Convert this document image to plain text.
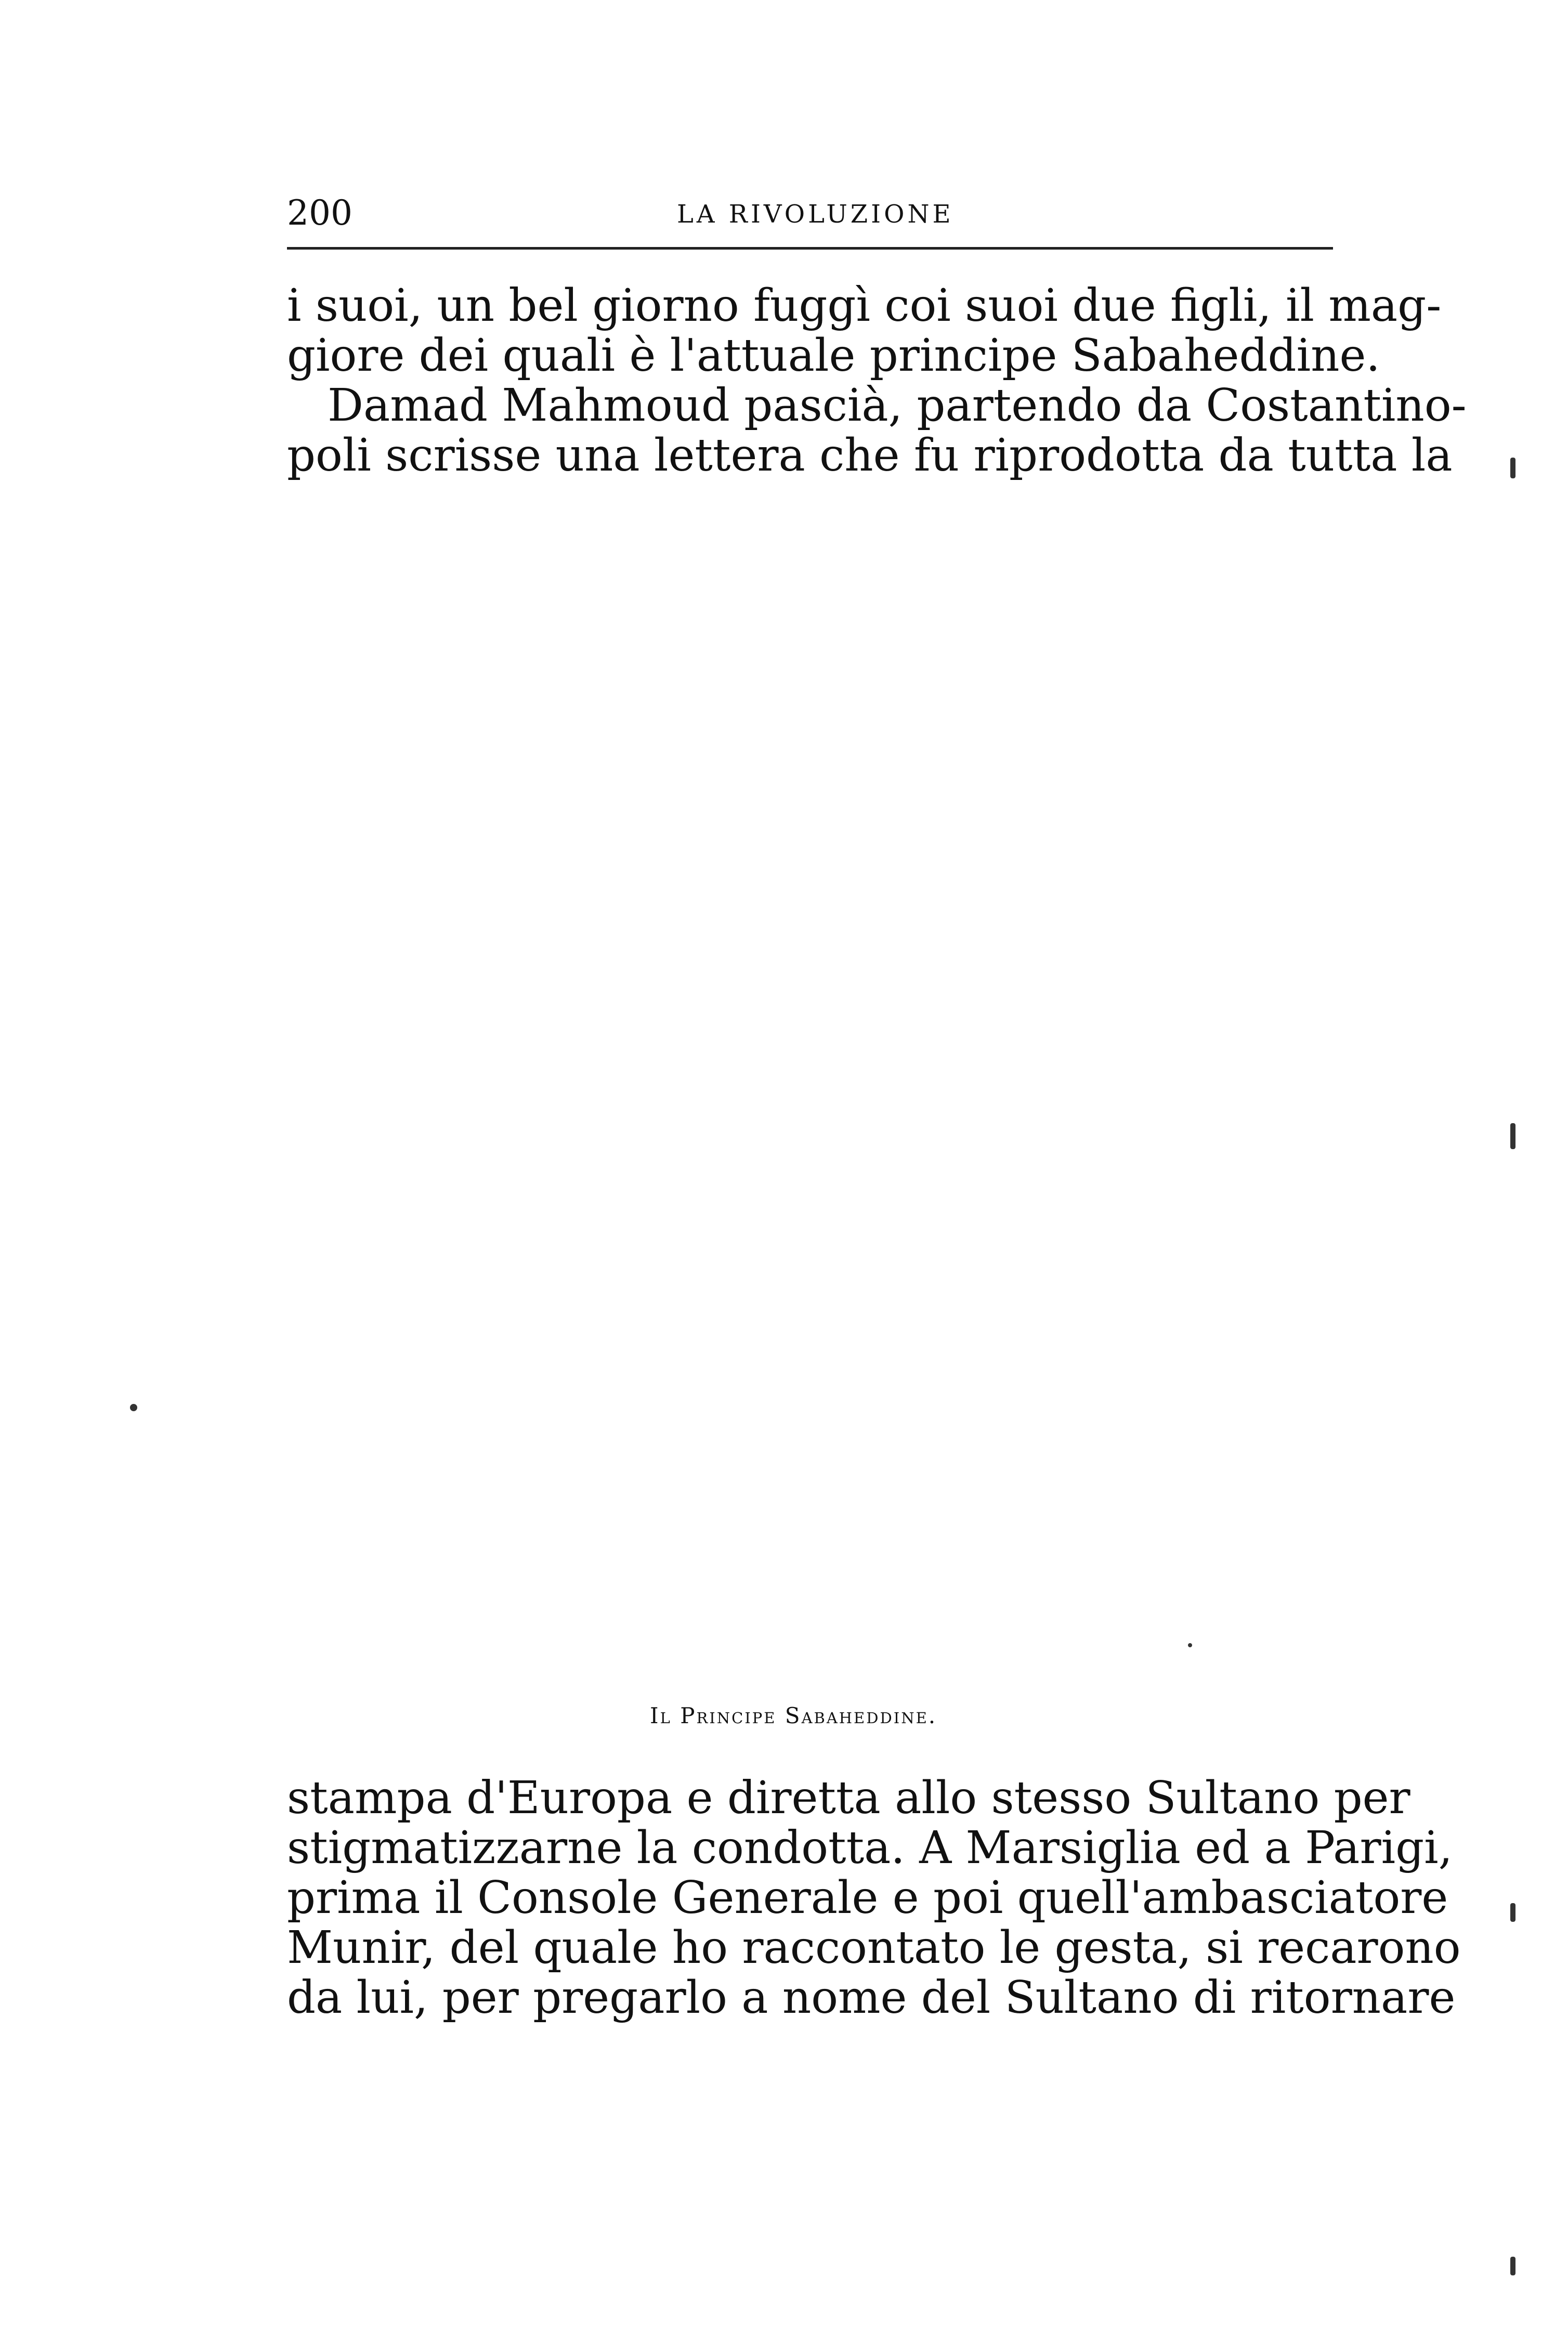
200	LA RIVOLUZIONE

i suoi, un bel giorno fuggì coi suoi due figli, il mag-
giore dei quali è l'attuale principe Sabaheddine.

Damad Mahmoud pascià, partendo da Costantino-
poli scrisse una lettera che fu riprodotta da tutta la

Il Principe Sabaheddine.

stampa d'Europa e diretta allo stesso Sultano per
stigmatizzarne la condotta. A Marsiglia ed a Parigi,
prima il Console Generale e poi quell'ambasciatore
Munir, del quale ho raccontato le gesta, si recarono
da lui, per pregarlo a nome del Sultano di ritornare
